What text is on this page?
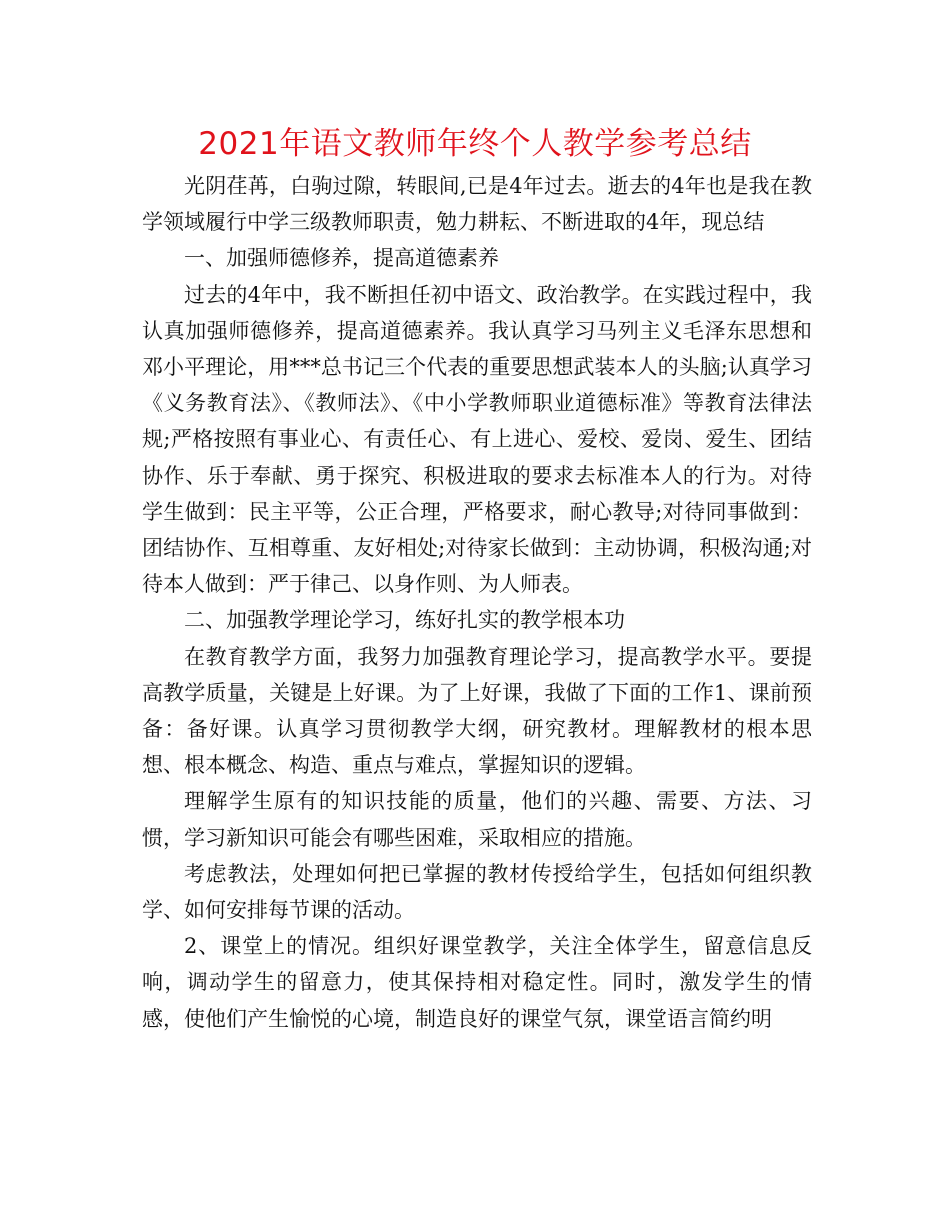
2021年语文教师年终个人教学参考总结

光阴荏苒，白驹过隙，转眼间,已是4年过去。逝去的4年也是我在教学领域履行中学三级教师职责，勉力耕耘、不断进取的4年，现总结

一、加强师德修养，提高道德素养

过去的4年中，我不断担任初中语文、政治教学。在实践过程中，我认真加强师德修养，提高道德素养。我认真学习马列主义毛泽东思想和邓小平理论，用***总书记三个代表的重要思想武装本人的头脑;认真学习《义务教育法》、《教师法》、《中小学教师职业道德标准》等教育法律法规;严格按照有事业心、有责任心、有上进心、爱校、爱岗、爱生、团结协作、乐于奉献、勇于探究、积极进取的要求去标准本人的行为。对待学生做到：民主平等，公正合理，严格要求，耐心教导;对待同事做到：团结协作、互相尊重、友好相处;对待家长做到：主动协调，积极沟通;对待本人做到：严于律己、以身作则、为人师表。

二、加强教学理论学习，练好扎实的教学根本功

在教育教学方面，我努力加强教育理论学习，提高教学水平。要提高教学质量，关键是上好课。为了上好课，我做了下面的工作1、课前预备：备好课。认真学习贯彻教学大纲，研究教材。理解教材的根本思想、根本概念、构造、重点与难点，掌握知识的逻辑。

理解学生原有的知识技能的质量，他们的兴趣、需要、方法、习惯，学习新知识可能会有哪些困难，采取相应的措施。

考虑教法，处理如何把已掌握的教材传授给学生，包括如何组织教学、如何安排每节课的活动。

2、课堂上的情况。组织好课堂教学，关注全体学生，留意信息反响，调动学生的留意力，使其保持相对稳定性。同时，激发学生的情感，使他们产生愉悦的心境，制造良好的课堂气氛，课堂语言简约明
